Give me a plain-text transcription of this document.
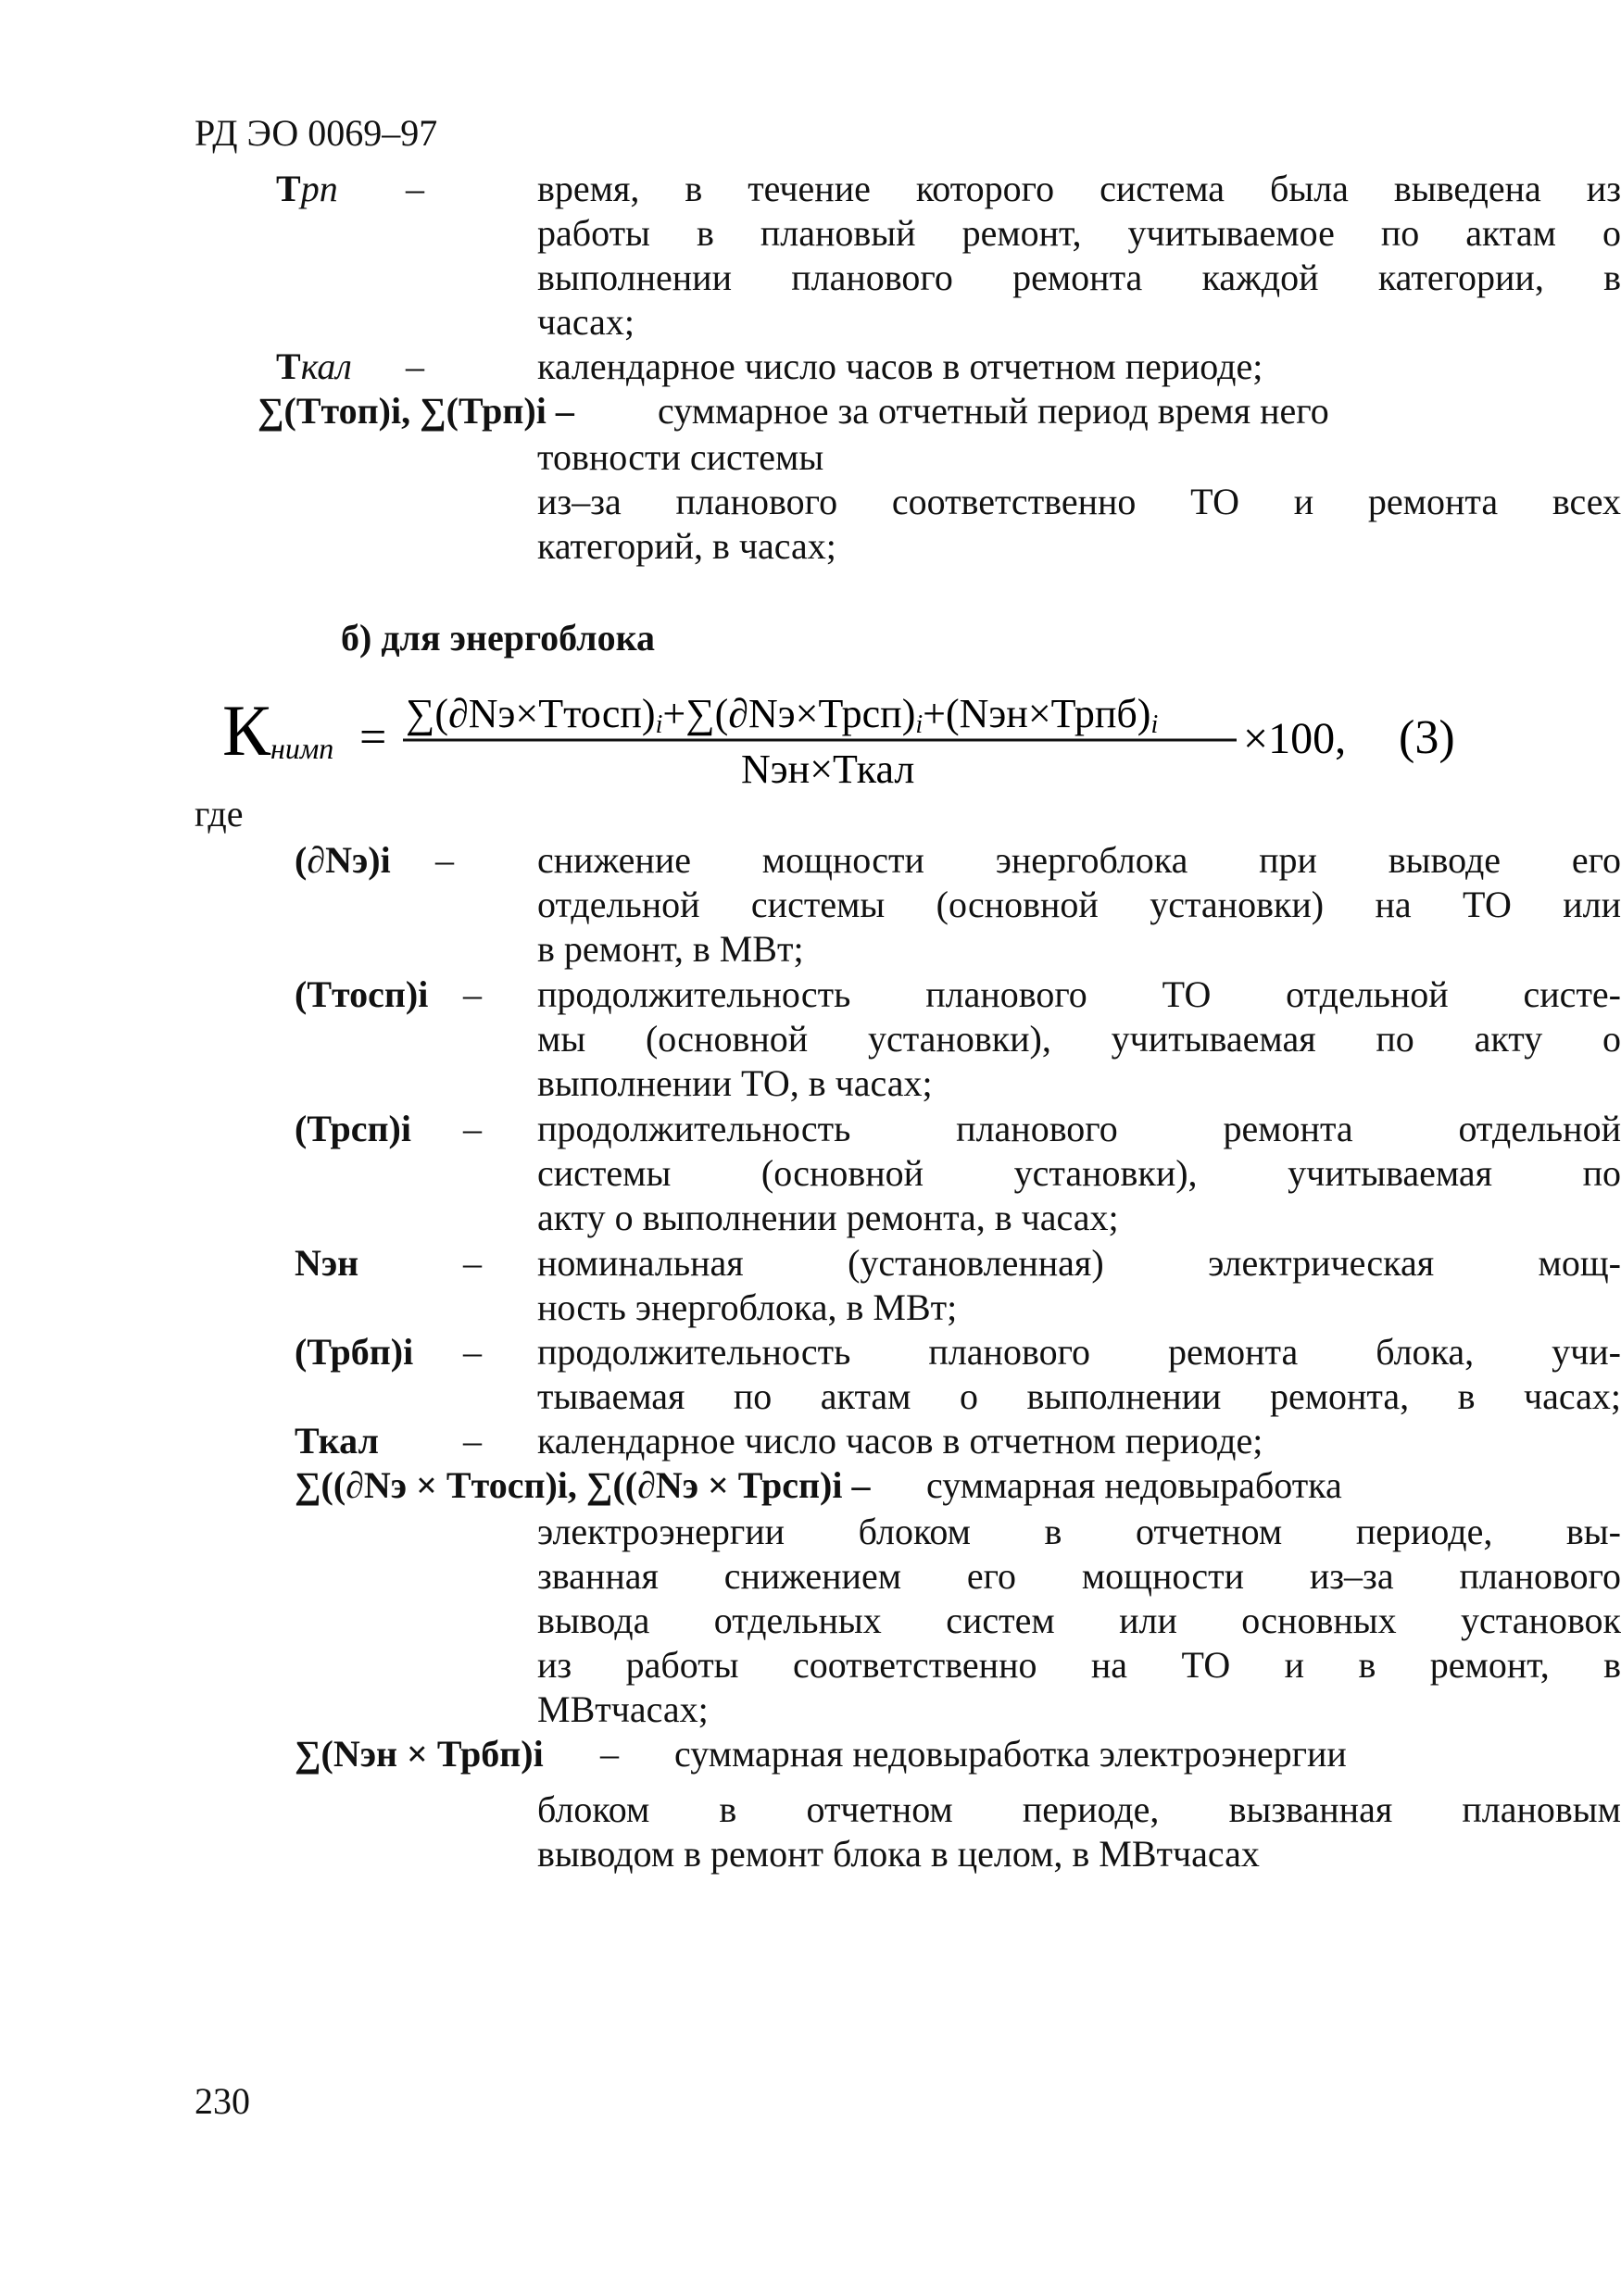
РД ЭО 0069–97
Трп –	время, в течение которого система была выведена из
работы в плановый ремонт, учитываемое по актам о
выполнении планового ремонта каждой категории, в
часах;
Ткал –	календарное число часов в отчетном периоде;
∑(Ттоп)i, ∑(Трп)i – суммарное за отчетный период время него
товности системы
из–за планового соответственно ТО и ремонта всех
категорий, в часах;
б) для энергоблока
К нимп = ∑(∂Nэ×Ттосп)i+∑(∂Nэ×Трсп)i+(Nэн×Трпб)i
Nэн×Ткал
×100, (3)
где
(∂Nэ)i – снижение мощности энергоблока при выводе его
отдельной системы (основной установки) на ТО или
в ремонт, в МВт;
(Ттосп)i – продолжительность планового ТО отдельной систе-
мы (основной установки), учитываемая по акту о
выполнении ТО, в часах;
(Трсп)i – продолжительность планового ремонта отдельной
системы (основной установки), учитываемая по
акту о выполнении ремонта, в часах;
Nэн	– номинальная (установленная) электрическая мощ-
ность энергоблока, в МВт;
(Трбп)i – продолжительность планового ремонта блока, учи-
тываемая по актам о выполнении ремонта, в часах;
Ткал – календарное число часов в отчетном периоде;
∑((∂Nэ × Ттосп)i, ∑((∂Nэ × Трсп)i – суммарная недовыработка
электроэнергии блоком в отчетном периоде, вы-
званная снижением его мощности из–за планового
вывода отдельных систем или основных установок
из работы соответственно на ТО и в ремонт, в
МВтчасах;
∑(Nэн × Трбп)i – суммарная недовыработка электроэнергии
блоком в отчетном периоде, вызванная плановым
выводом в ремонт блока в целом, в МВтчасах
230
